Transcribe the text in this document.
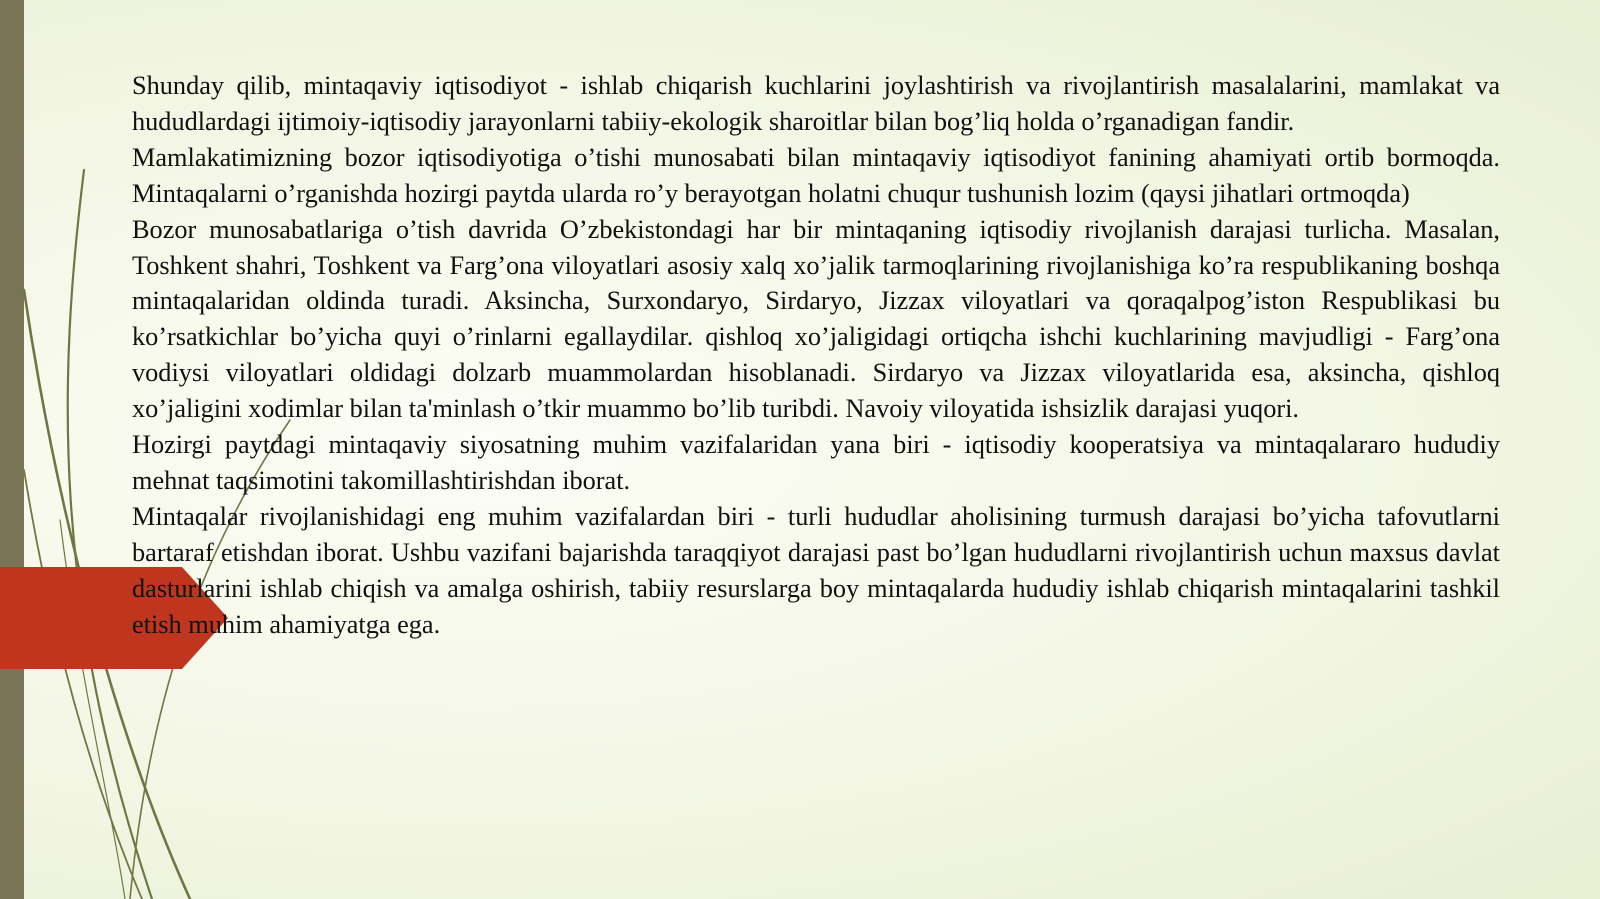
Shunday qilib, mintaqaviy iqtisodiyot - ishlab chiqarish kuchlarini joylashtirish va rivojlantirish masalalarini, mamlakat va hududlardagi ijtimoiy-iqtisodiy jarayonlarni tabiiy-ekologik sharoitlar bilan bog’liq holda o’rganadigan fandir.

Mamlakatimizning bozor iqtisodiyotiga o’tishi munosabati bilan mintaqaviy iqtisodiyot fanining ahamiyati ortib bormoqda. Mintaqalarni o’rganishda hozirgi paytda ularda ro’y berayotgan holatni chuqur tushunish lozim (qaysi jihatlari ortmoqda)

Bozor munosabatlariga o’tish davrida O’zbekistondagi har bir mintaqaning iqtisodiy rivojlanish darajasi turlicha. Masalan, Toshkent shahri, Toshkent va Farg’ona viloyatlari asosiy xalq xo’jalik tarmoqlarining rivojlanishiga ko’ra respublikaning boshqa mintaqalaridan oldinda turadi. Aksincha, Surxondaryo, Sirdaryo, Jizzax viloyatlari va qoraqalpog’iston Respublikasi bu ko’rsatkichlar bo’yicha quyi o’rinlarni egallaydilar. qishloq xo’jaligidagi ortiqcha ishchi kuchlarining mavjudligi - Farg’ona vodiysi viloyatlari oldidagi dolzarb muammolardan hisoblanadi. Sirdaryo va Jizzax viloyatlarida esa, aksincha, qishloq xo’jaligini xodimlar bilan ta'minlash o’tkir muammo bo’lib turibdi. Navoiy viloyatida ishsizlik darajasi yuqori.

Hozirgi paytdagi mintaqaviy siyosatning muhim vazifalaridan yana biri - iqtisodiy kooperatsiya va mintaqalararo hududiy mehnat taqsimotini takomillashtirishdan iborat.

Mintaqalar rivojlanishidagi eng muhim vazifalardan biri - turli hududlar aholisining turmush darajasi bo’yicha tafovutlarni bartaraf etishdan iborat. Ushbu vazifani bajarishda taraqqiyot darajasi past bo’lgan hududlarni rivojlantirish uchun maxsus davlat dasturlarini ishlab chiqish va amalga oshirish, tabiiy resurslarga boy mintaqalarda hududiy ishlab chiqarish mintaqalarini tashkil etish muhim ahamiyatga ega.
